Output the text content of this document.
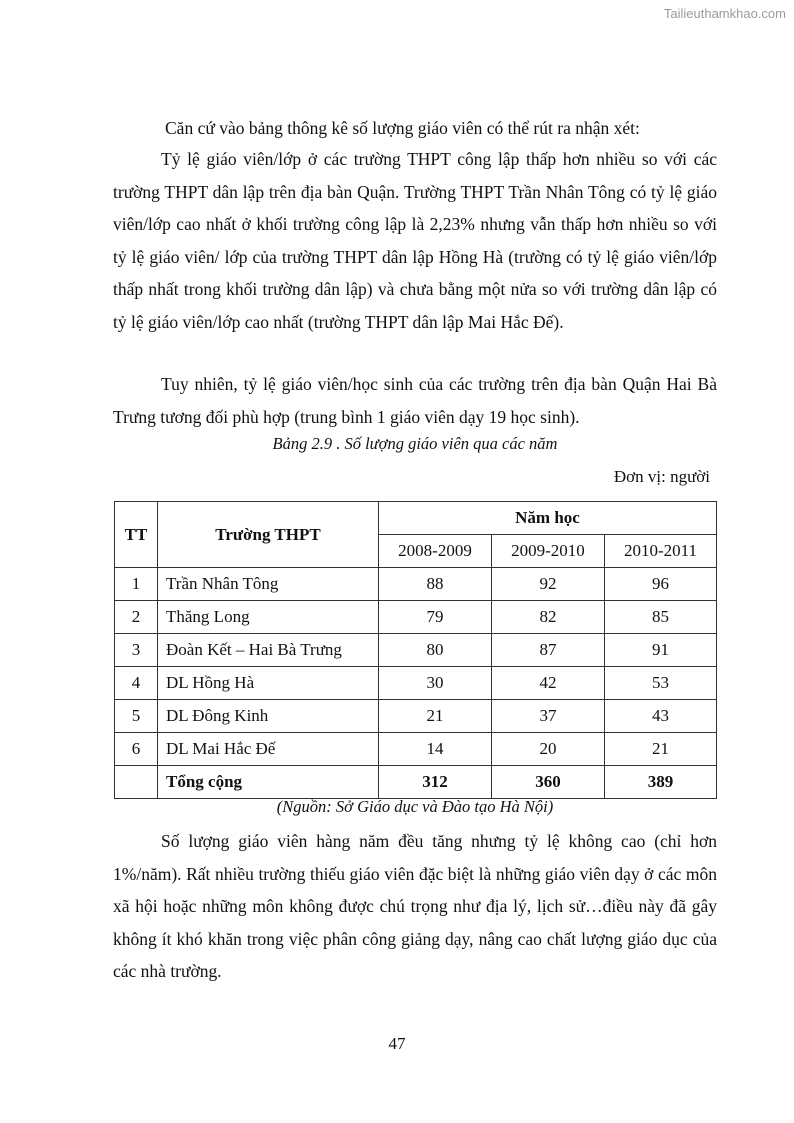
Tailieuthamkhao.com

Căn cứ vào bảng thông kê số lượng giáo viên có thể rút ra nhận xét:

Tỷ lệ giáo viên/lớp ở các trường THPT công lập thấp hơn nhiều so với các trường THPT dân lập trên địa bàn Quận. Trường THPT Trần Nhân Tông có tỷ lệ giáo viên/lớp cao nhất ở khối trường công lập là 2,23% nhưng vẫn thấp hơn nhiều so với tỷ lệ giáo viên/ lớp của trường THPT dân lập Hồng Hà (trường có tỷ lệ giáo viên/lớp thấp nhất trong khối trường dân lập) và chưa bằng một nửa so với trường dân lập có tỷ lệ giáo viên/lớp cao nhất (trường THPT dân lập Mai Hắc Đế).

Tuy nhiên, tỷ lệ giáo viên/học sinh của các trường trên địa bàn Quận Hai Bà Trưng tương đối phù hợp (trung bình 1 giáo viên dạy 19 học sinh).

Bảng 2.9 . Số lượng giáo viên qua các năm
Đơn vị: người
TT	Trường THPT	Năm học		
		2008-2009	2009-2010	2010-2011
1	Trần Nhân Tông	88	92	96
2	Thăng Long	79	82	85
3	Đoàn Kết – Hai Bà Trưng	80	87	91
4	DL Hồng Hà	30	42	53
5	DL Đông Kinh	21	37	43
6	DL Mai Hắc Đế	14	20	21
	Tổng cộng	312	360	389
(Nguồn: Sở Giáo dục và Đào tạo Hà Nội)

Số lượng giáo viên hàng năm đều tăng nhưng tỷ lệ không cao (chỉ hơn 1%/năm). Rất nhiều trường thiếu giáo viên đặc biệt là những giáo viên dạy ở các môn xã hội hoặc những môn không được chú trọng như địa lý, lịch sử…điều này đã gây không ít khó khăn trong việc phân công giảng dạy, nâng cao chất lượng giáo dục của các nhà trường.

47
